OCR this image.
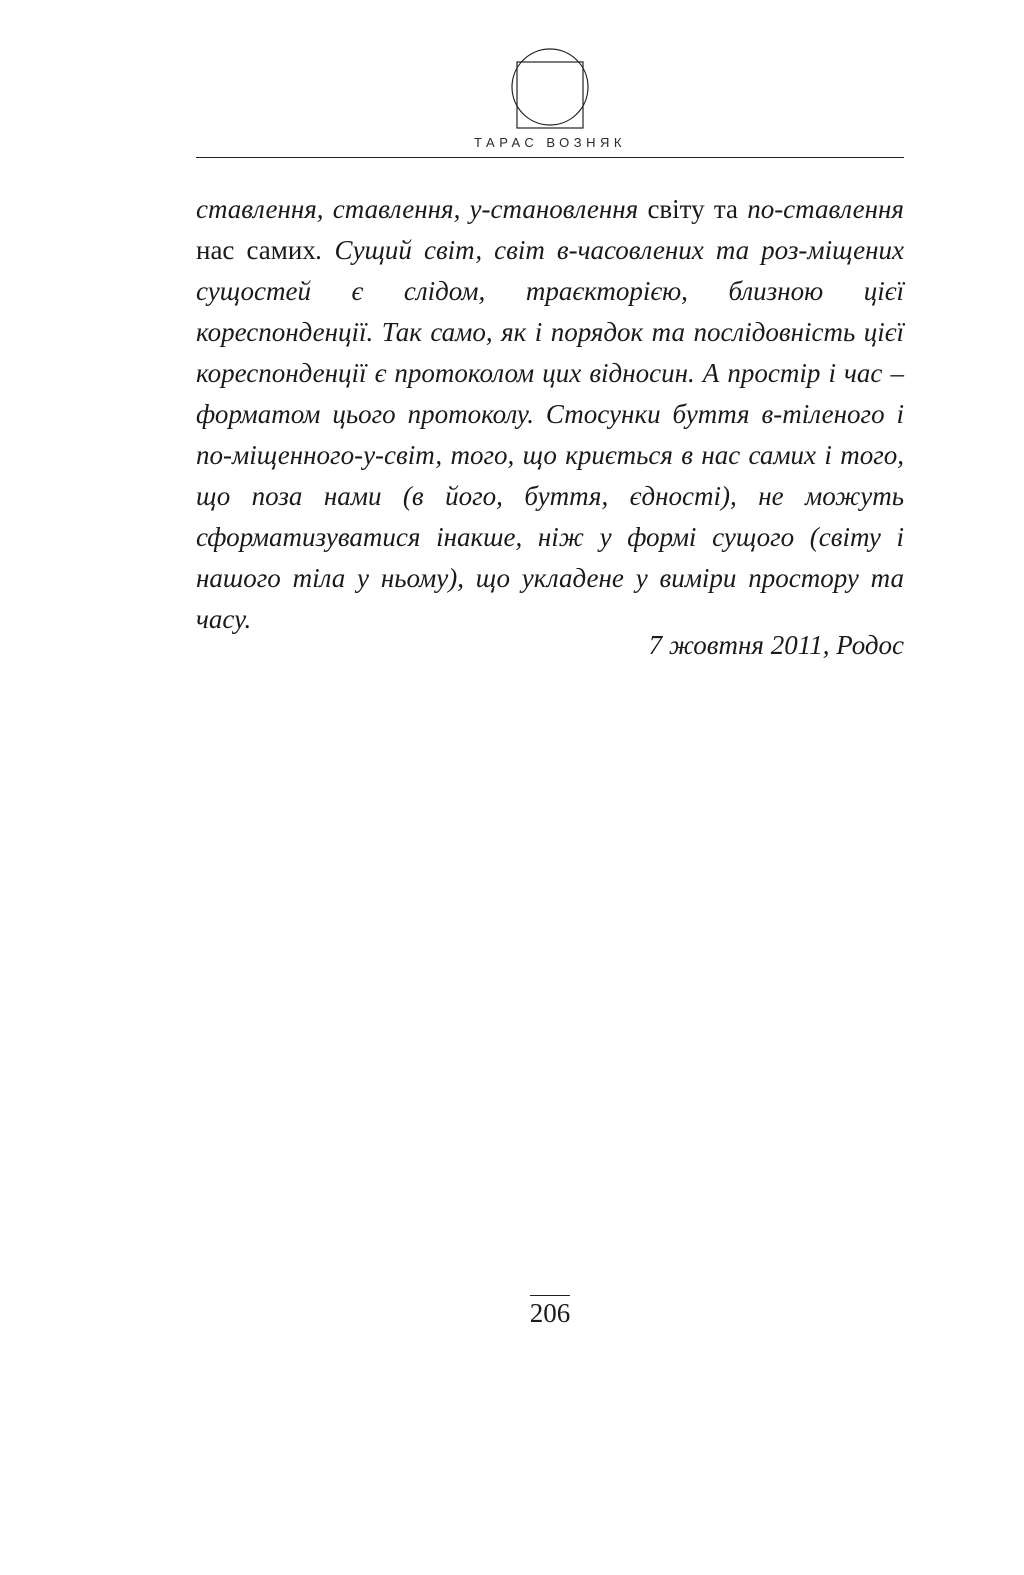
ТАРАС ВОЗНЯК

ставлення, ставлення, у-становлення світу та по-ставлення нас самих. Сущий світ, світ в-часовлених та роз-міщених сущостей є слідом, траєкторією, близною цієї кореспонденції. Так само, як і порядок та послідовність цієї кореспонденції є протоколом цих відносин. А простір і час – форматом цього протоколу. Стосунки буття в-тіленого і по-міщенного-у-світ, того, що криється в нас самих і того, що поза нами (в його, буття, єдності), не можуть сформатизуватися інакше, ніж у формі сущого (світу і нашого тіла у ньому), що укладене у виміри простору та часу.

7 жовтня 2011, Родос
206
